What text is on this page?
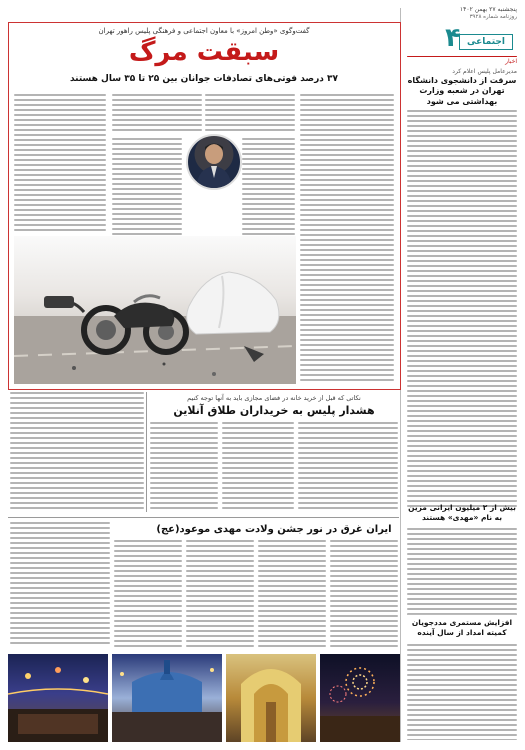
پنجشنبه ۲۷ بهمن ۱۴۰۲
روزنامه شماره ۳۹۲۸
۴ اجتماعی
اخبار
مدیرعامل پلیس اعلام کرد
سرقت از دانشجوی دانشگاه تهران در شعبه وزارت بهداشتی می شود
بیش از ۲ میلیون ایرانی مزین به نام «مهدی» هستند
افزایش مستمری مددجویان کمیته امداد از سال آینده
گفت‌وگوی «وطن امروز» با معاون اجتماعی و فرهنگی پلیس راهور تهران
سبقت مرگ
۳۷ درصد فوتی‌های تصادفات جوانان بین ۲۵ تا ۳۵ سال هستند
نکاتی که قبل از خرید خانه در فضای مجازی باید به آنها توجه کنیم
هشدار پلیس به خریداران طلاق آنلاین
ایران غرق در نور جشن ولادت مهدی موعود(عج)
